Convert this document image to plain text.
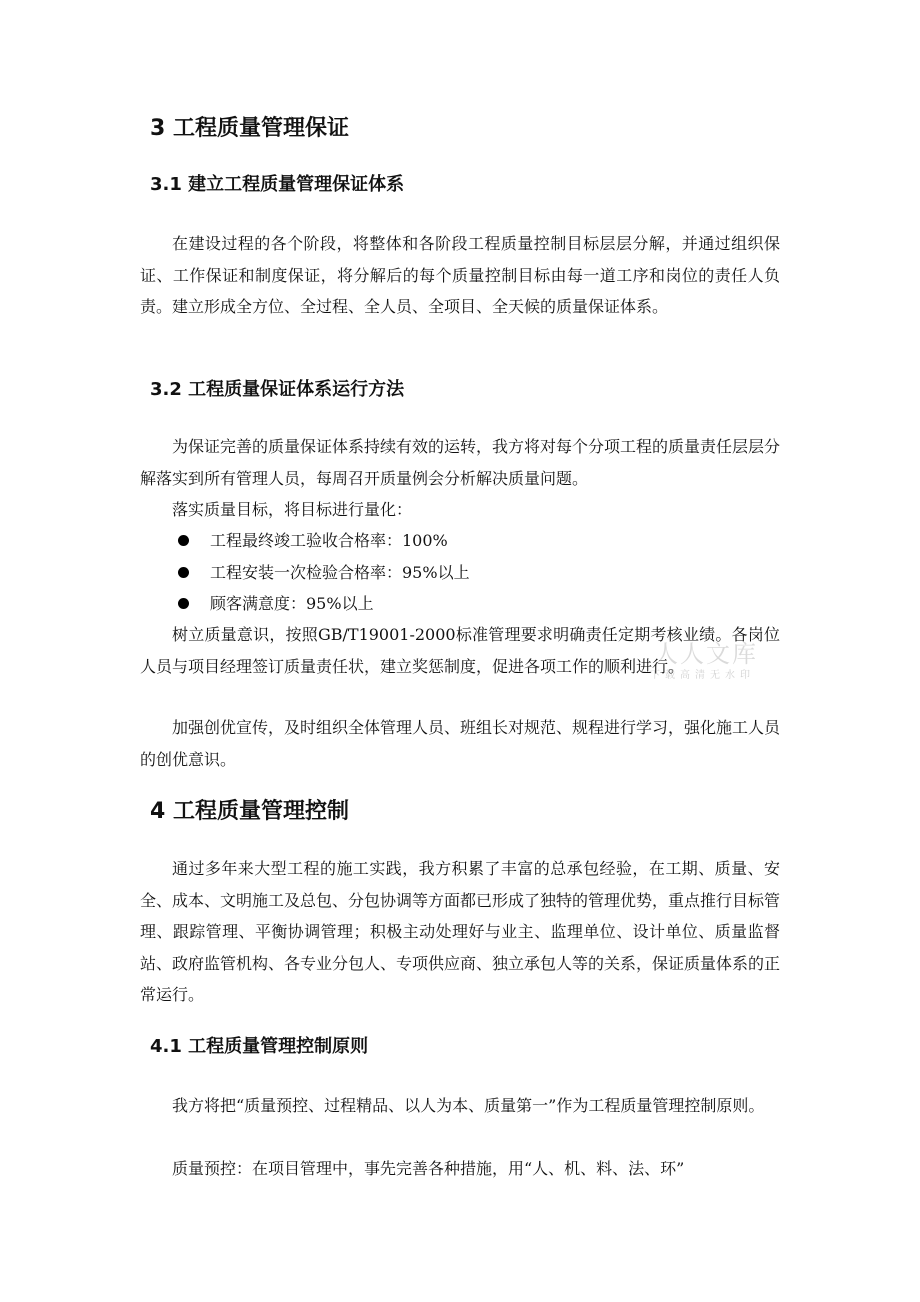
3 工程质量管理保证
3.1 建立工程质量管理保证体系

在建设过程的各个阶段，将整体和各阶段工程质量控制目标层层分解，并通过组织保证、工作保证和制度保证，将分解后的每个质量控制目标由每一道工序和岗位的责任人负责。建立形成全方位、全过程、全人员、全项目、全天候的质量保证体系。

3.2 工程质量保证体系运行方法

为保证完善的质量保证体系持续有效的运转，我方将对每个分项工程的质量责任层层分解落实到所有管理人员，每周召开质量例会分析解决质量问题。

落实质量目标，将目标进行量化：

工程最终竣工验收合格率：100%
工程安装一次检验合格率：95%以上
顾客满意度：95%以上

树立质量意识，按照GB/T19001-2000标准管理要求明确责任定期考核业绩。各岗位人员与项目经理签订质量责任状，建立奖惩制度，促进各项工作的顺利进行。

加强创优宣传，及时组织全体管理人员、班组长对规范、规程进行学习，强化施工人员的创优意识。

4 工程质量管理控制

通过多年来大型工程的施工实践，我方积累了丰富的总承包经验，在工期、质量、安全、成本、文明施工及总包、分包协调等方面都已形成了独特的管理优势，重点推行目标管理、跟踪管理、平衡协调管理；积极主动处理好与业主、监理单位、设计单位、质量监督站、政府监管机构、各专业分包人、专项供应商、独立承包人等的关系，保证质量体系的正常运行。

4.1 工程质量管理控制原则

我方将把“质量预控、过程精品、以人为本、质量第一”作为工程质量管理控制原则。

质量预控：在项目管理中，事先完善各种措施，用“人、机、料、法、环”

人人文库
下载高清无水印
